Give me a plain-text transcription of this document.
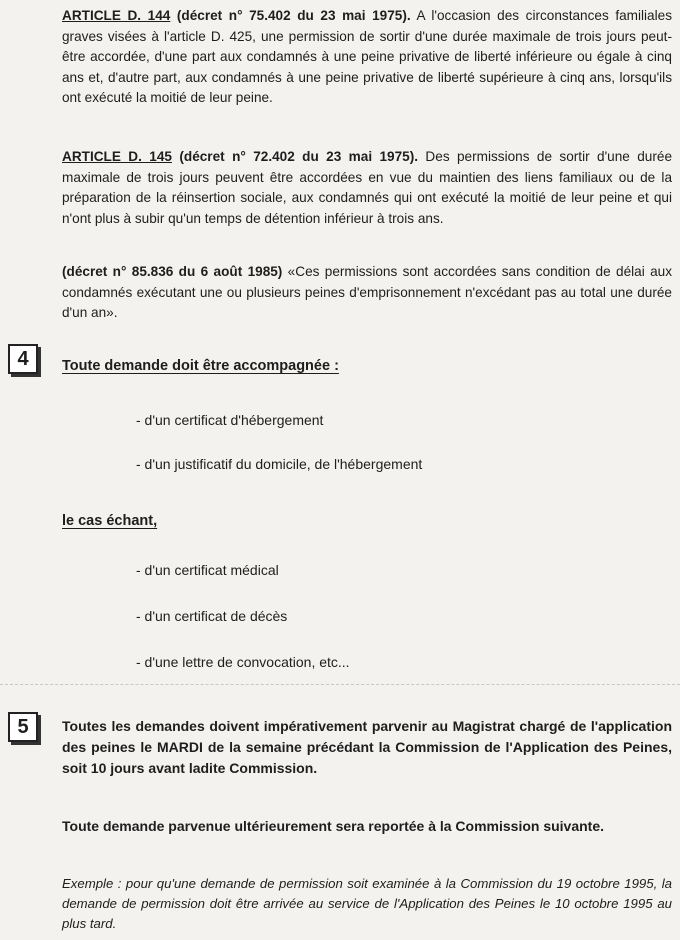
ARTICLE D. 144 (décret n° 75.402 du 23 mai 1975). A l'occasion des circonstances familiales graves visées à l'article D. 425, une permission de sortir d'une durée maximale de trois jours peut-être accordée, d'une part aux condamnés à une peine privative de liberté inférieure ou égale à cinq ans et, d'autre part, aux condamnés à une peine privative de liberté supérieure à cinq ans, lorsqu'ils ont exécuté la moitié de leur peine.
ARTICLE D. 145 (décret n° 72.402 du 23 mai 1975). Des permissions de sortir d'une durée maximale de trois jours peuvent être accordées en vue du maintien des liens familiaux ou de la préparation de la réinsertion sociale, aux condamnés qui ont exécuté la moitié de leur peine et qui n'ont plus à subir qu'un temps de détention inférieur à trois ans.
(décret n° 85.836 du 6 août 1985) «Ces permissions sont accordées sans condition de délai aux condamnés exécutant une ou plusieurs peines d'emprisonnement n'excédant pas au total une durée d'un an».
4	Toute demande doit être accompagnée :
- d'un certificat d'hébergement
- d'un justificatif du domicile, de l'hébergement
le cas échant,
- d'un certificat médical
- d'un certificat de décès
- d'une lettre de convocation, etc...
5	Toutes les demandes doivent impérativement parvenir au Magistrat chargé de l'application des peines le MARDI de la semaine précédant la Commission de l'Application des Peines, soit 10 jours avant ladite Commission.
Toute demande parvenue ultérieurement sera reportée à la Commission suivante.
Exemple : pour qu'une demande de permission soit examinée à la Commission du 19 octobre 1995, la demande de permission doit être arrivée au service de l'Application des Peines le 10 octobre 1995 au plus tard.
